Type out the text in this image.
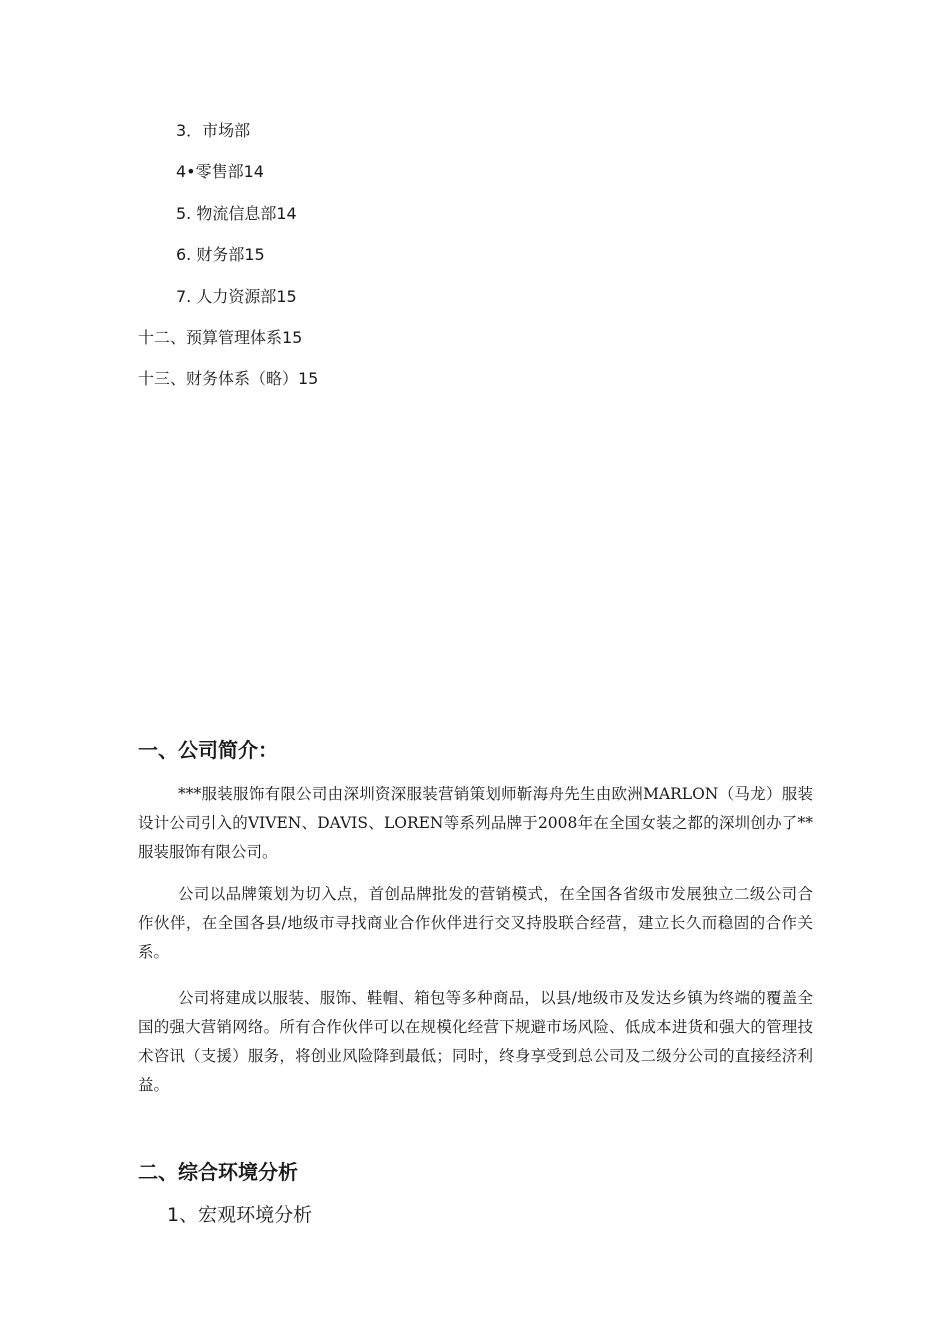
3．市场部
4•零售部14
5. 物流信息部14
6. 财务部15
7. 人力资源部15
十二、预算管理体系15
十三、财务体系（略）15
一、公司简介：

***服装服饰有限公司由深圳资深服装营销策划师靳海舟先生由欧洲MARLON（马龙）服装设计公司引入的VIVEN、DAVIS、LOREN等系列品牌于2008年在全国女装之都的深圳创办了**服装服饰有限公司。

公司以品牌策划为切入点，首创品牌批发的营销模式，在全国各省级市发展独立二级公司合作伙伴，在全国各县/地级市寻找商业合作伙伴进行交叉持股联合经营，建立长久而稳固的合作关系。

公司将建成以服装、服饰、鞋帽、箱包等多种商品，以县/地级市及发达乡镇为终端的覆盖全国的强大营销网络。所有合作伙伴可以在规模化经营下规避市场风险、低成本进货和强大的管理技术咨讯（支援）服务，将创业风险降到最低；同时，终身享受到总公司及二级分公司的直接经济利益。

二、综合环境分析
1、宏观环境分析
